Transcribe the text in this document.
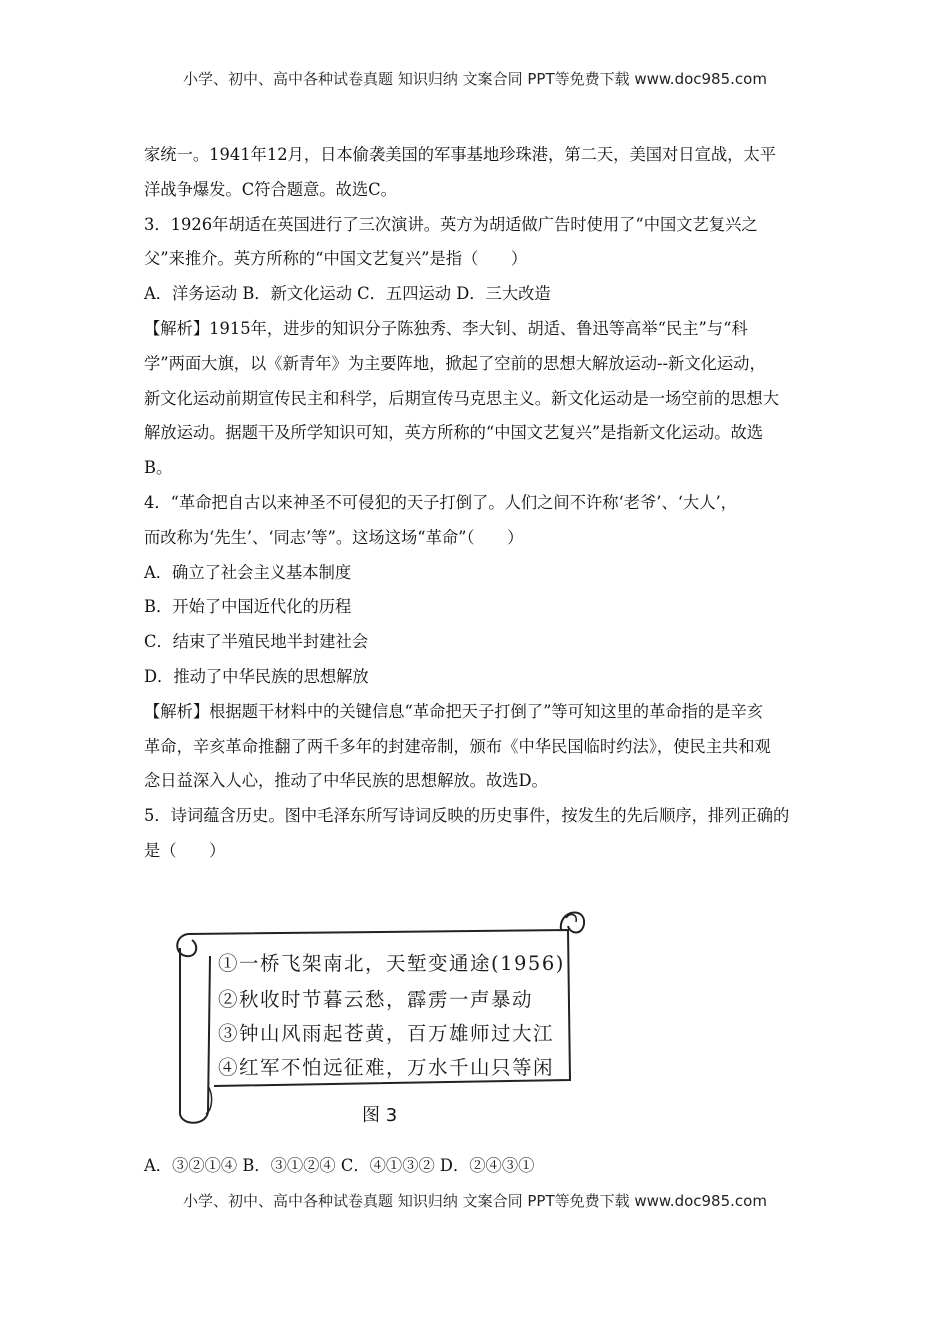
小学、初中、高中各种试卷真题 知识归纳 文案合同 PPT等免费下载 www.doc985.com

家统一。1941年12月，日本偷袭美国的军事基地珍珠港，第二天，美国对日宣战，太平

洋战争爆发。C符合题意。故选C。

3．1926年胡适在英国进行了三次演讲。英方为胡适做广告时使用了“中国文艺复兴之

父”来推介。英方所称的“中国文艺复兴”是指（　　）

A．洋务运动 B．新文化运动 C．五四运动 D．三大改造

【解析】1915年，进步的知识分子陈独秀、李大钊、胡适、鲁迅等高举“民主”与“科

学”两面大旗，以《新青年》为主要阵地，掀起了空前的思想大解放运动--新文化运动，

新文化运动前期宣传民主和科学，后期宣传马克思主义。新文化运动是一场空前的思想大

解放运动。据题干及所学知识可知，英方所称的“中国文艺复兴”是指新文化运动。故选

B。

4．“革命把自古以来神圣不可侵犯的天子打倒了。人们之间不许称‘老爷’、‘大人’，

而改称为‘先生’、‘同志’等”。这场这场“革命”（　　）

A．确立了社会主义基本制度

B．开始了中国近代化的历程

C．结束了半殖民地半封建社会

D．推动了中华民族的思想解放

【解析】根据题干材料中的关键信息“革命把天子打倒了”等可知这里的革命指的是辛亥

革命，辛亥革命推翻了两千多年的封建帝制，颁布《中华民国临时约法》，使民主共和观

念日益深入人心，推动了中华民族的思想解放。故选D。

5．诗词蕴含历史。图中毛泽东所写诗词反映的历史事件，按发生的先后顺序，排列正确的

是（　　）

①一桥飞架南北，天堑变通途(1956)
②秋收时节暮云愁，霹雳一声暴动
③钟山风雨起苍黄，百万雄师过大江
④红军不怕远征难，万水千山只等闲
图 3
A．③②①④ B．③①②④ C．④①③② D．②④③①
小学、初中、高中各种试卷真题 知识归纳 文案合同 PPT等免费下载 www.doc985.com
